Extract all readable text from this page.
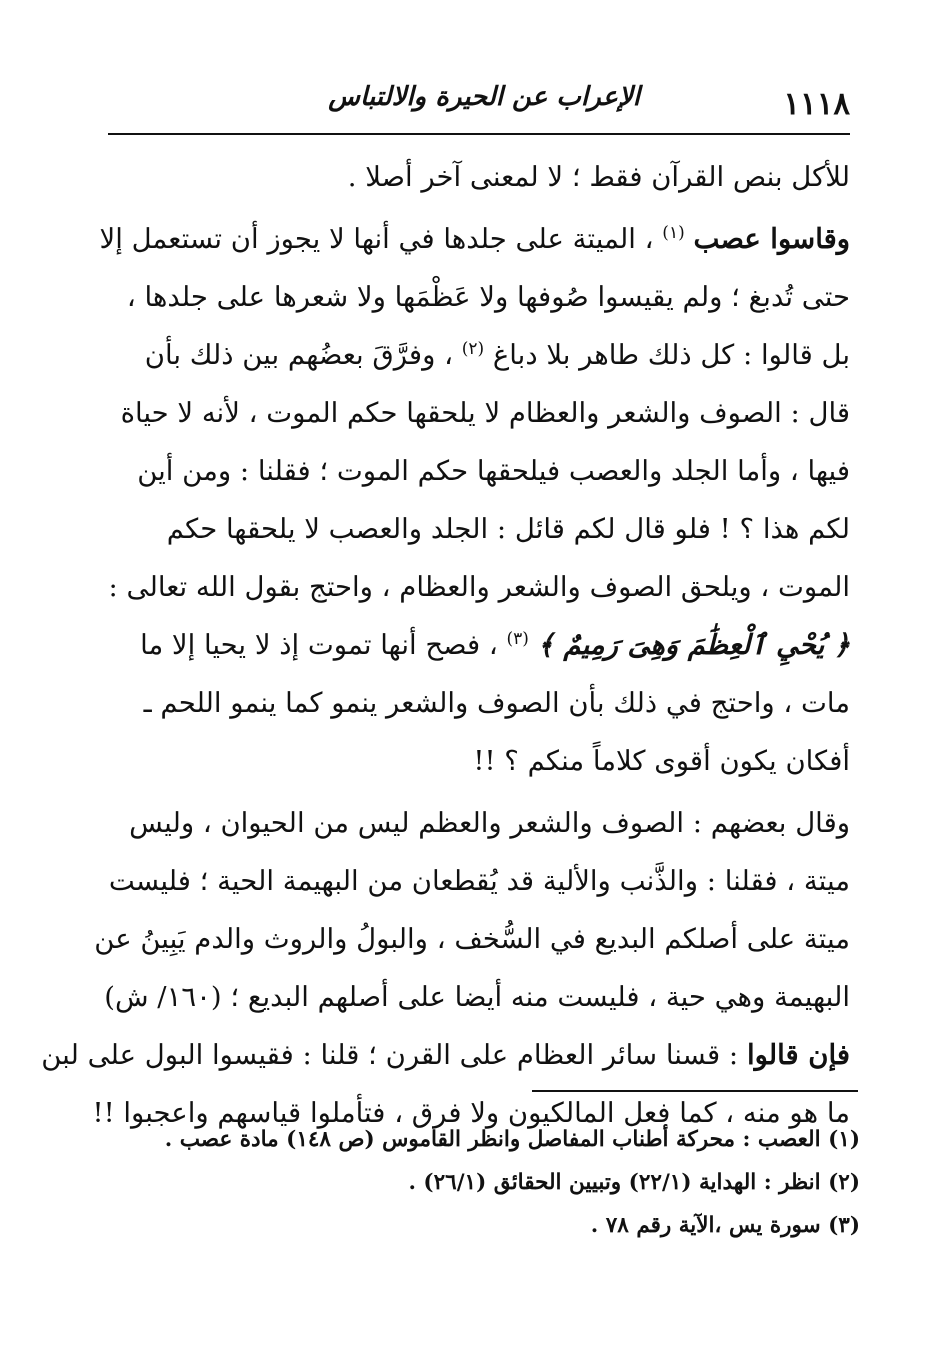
١١١٨
الإعراب عن الحيرة والالتباس

للأكل بنص القرآن فقط ؛ لا لمعنى آخر أصلا .

وقاسوا عصب $^{(١)}$ ، الميتة على جلدها في أنها لا يجوز أن تستعمل إلا

حتى تُدبغ ؛ ولم يقيسوا صُوفها ولا عَظْمَها ولا شعرها على جلدها ،

بل قالوا : كل ذلك طاهر بلا دباغ $^{(٢)}$ ، وفرَّقَ بعضُهم بين ذلك بأن

قال : الصوف والشعر والعظام لا يلحقها حكم الموت ، لأنه لا حياة

فيها ، وأما الجلد والعصب فيلحقها حكم الموت ؛ فقلنا : ومن أين

لكم هذا ؟ ! فلو قال لكم قائل : الجلد والعصب لا يلحقها حكم

الموت ، ويلحق الصوف والشعر والعظام ، واحتج بقول الله تعالى :

﴿ يُحْيِ ٱلْعِظَٰمَ وَهِىَ رَمِيمٌ ﴾ $^{(٣)}$ ، فصح أنها تموت إذ لا يحيا إلا ما

مات ، واحتج في ذلك بأن الصوف والشعر ينمو كما ينمو اللحم ـ

أفكان يكون أقوى كلاماً منكم ؟ !!

وقال بعضهم : الصوف والشعر والعظم ليس من الحيوان ، وليس

ميتة ، فقلنا : والذَّنب والألية قد يُقطعان من البهيمة الحية ؛ فليست

ميتة على أصلكم البديع في السُّخف ، والبولُ والروث والدم يَبِينُ عن

البهيمة وهي حية ، فليست منه أيضا على أصلهم البديع ؛ (١٦٠/ ش)

فإن قالوا : قسنا سائر العظام على القرن ؛ قلنا : فقيسوا البول على لبن

ما هو منه ، كما فعل المالكيون ولا فرق ، فتأملوا قياسهم واعجبوا !!

(١) العصب : محركة أطناب المفاصل وانظر القاموس (ص ١٤٨) مادة عصب .

(٢) انظر : الهداية (٢٢/١) وتبيين الحقائق (٢٦/١) .

(٣) سورة يس ،الآية رقم ٧٨ .
